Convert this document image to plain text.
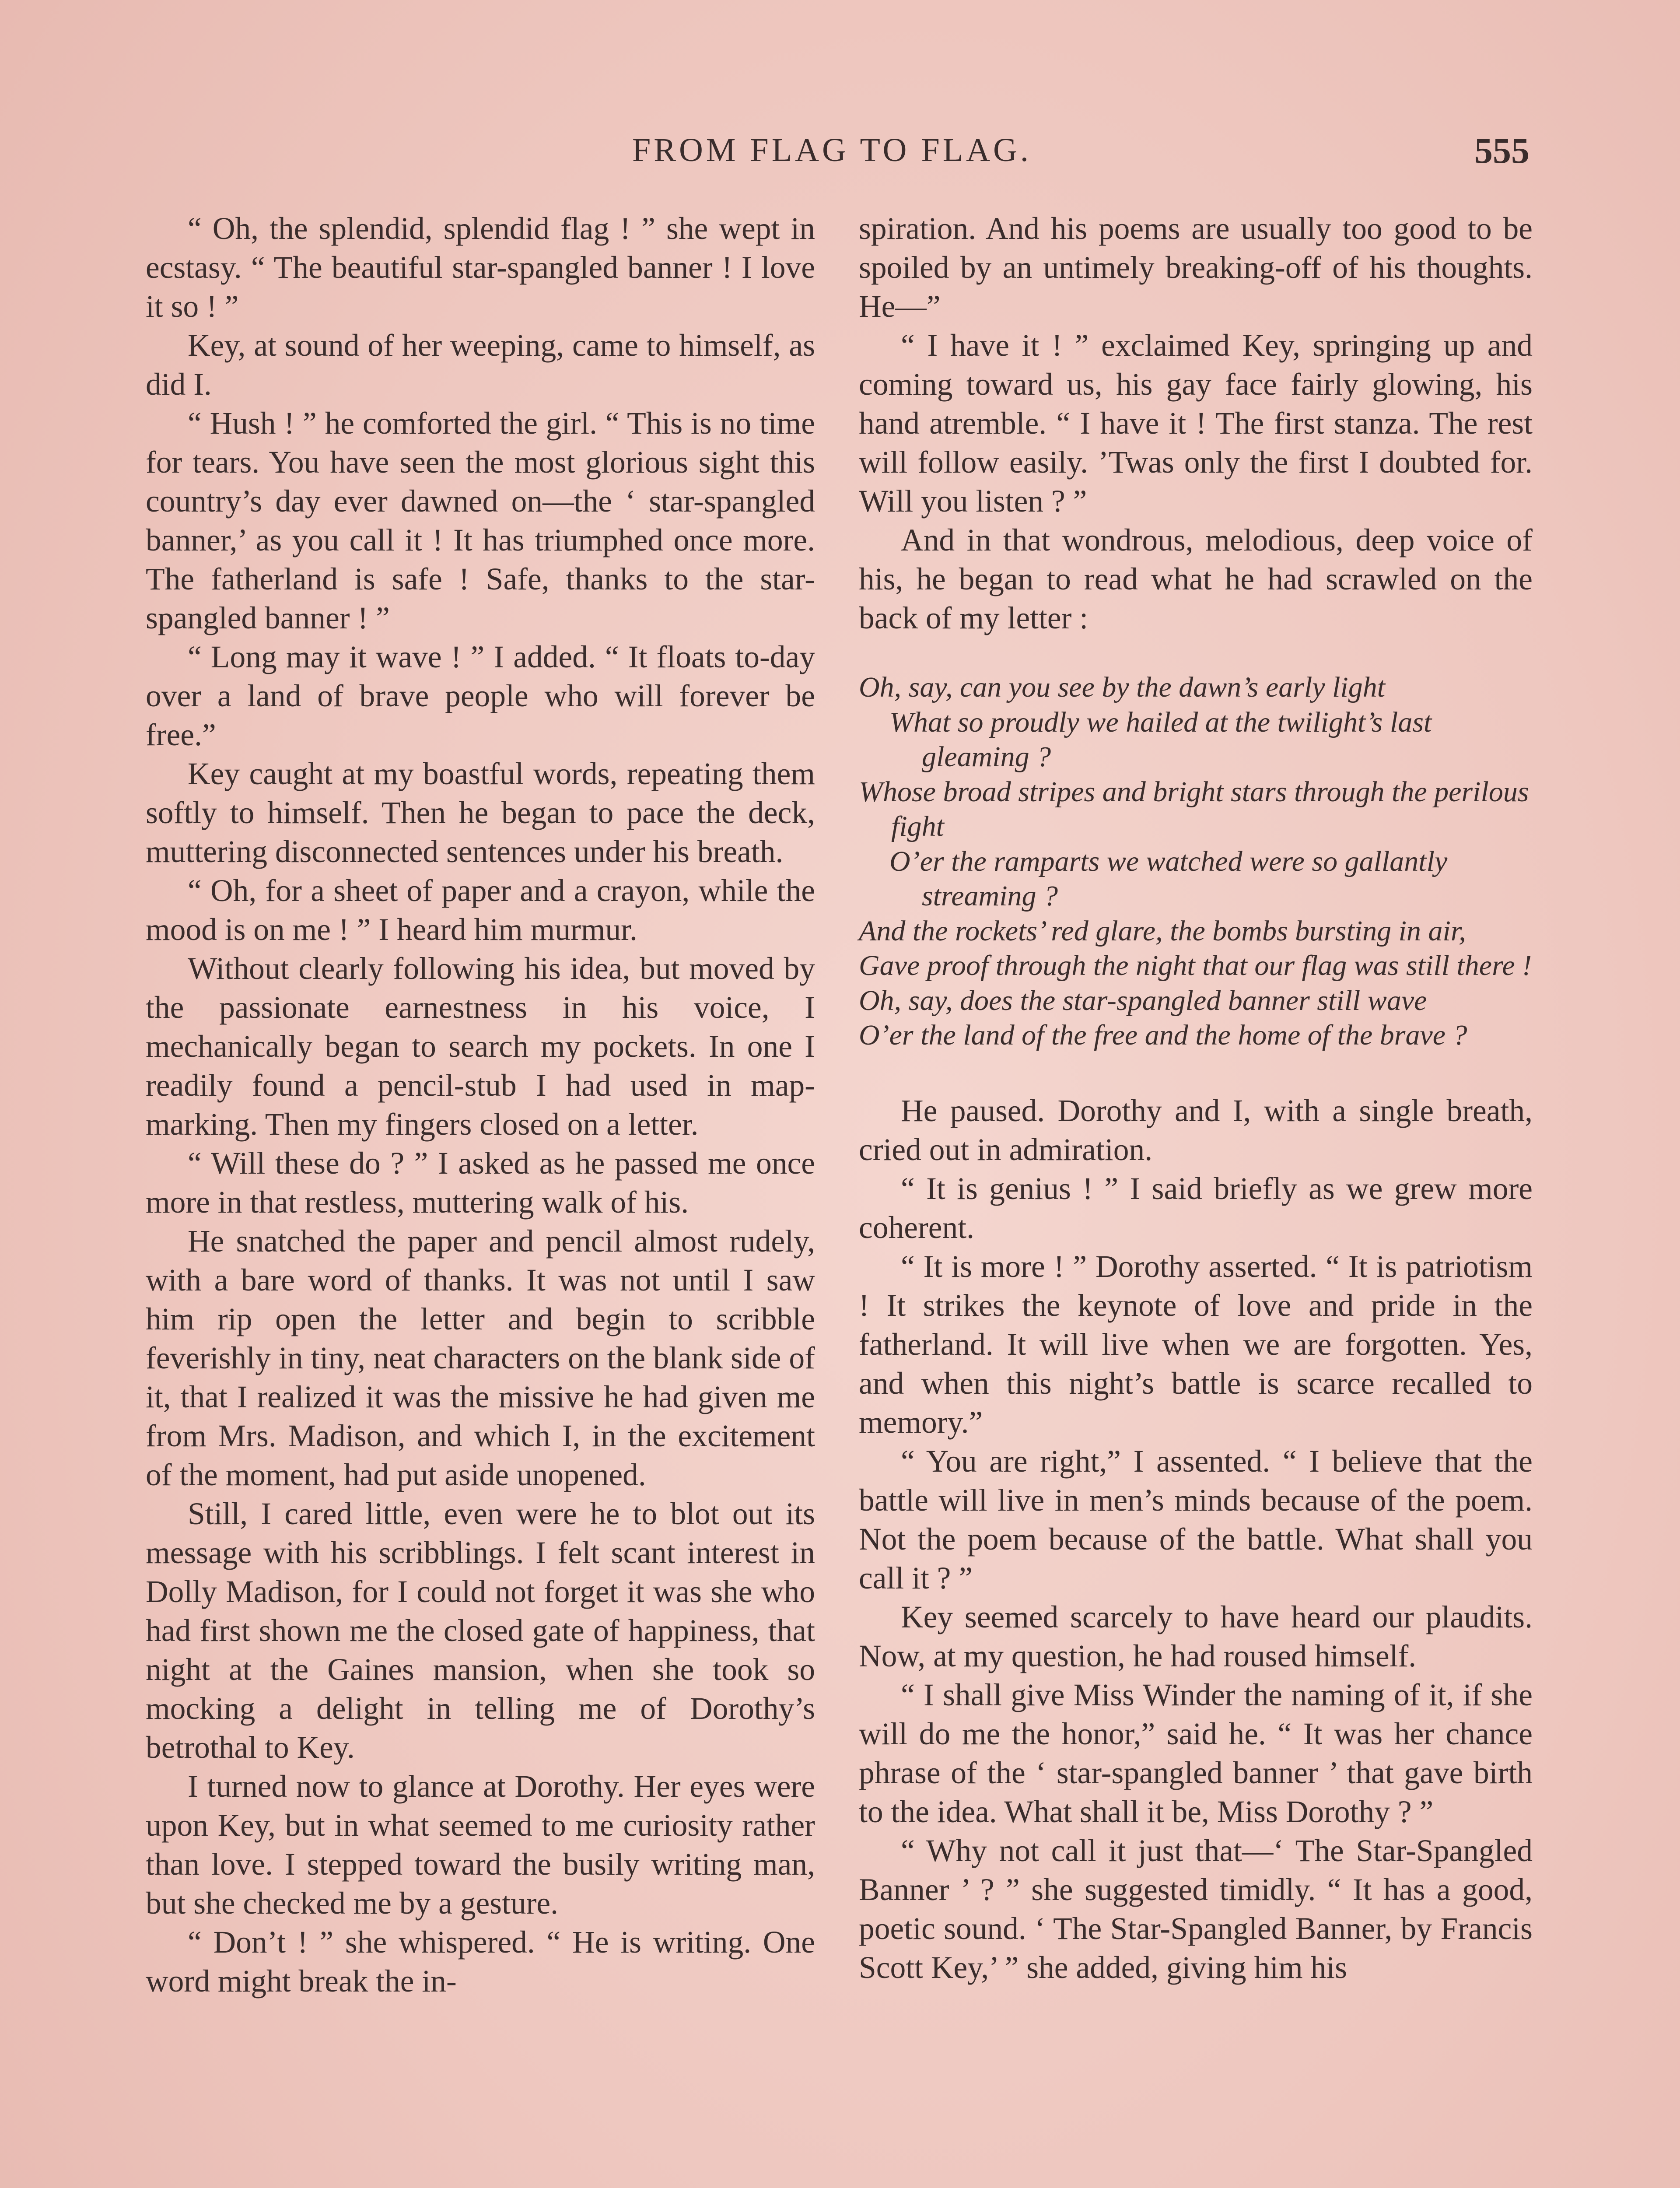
FROM FLAG TO FLAG.	555

“ Oh, the splendid, splendid flag ! ” she wept in ecstasy. “ The beautiful star-spangled banner ! I love it so ! ”

Key, at sound of her weeping, came to himself, as did I.

“ Hush ! ” he comforted the girl. “ This is no time for tears. You have seen the most glorious sight this country’s day ever dawned on—the ‘ star-spangled banner,’ as you call it ! It has triumphed once more. The fatherland is safe ! Safe, thanks to the star-spangled banner ! ”

“ Long may it wave ! ” I added. “ It floats to-day over a land of brave people who will forever be free.”

Key caught at my boastful words, repeating them softly to himself. Then he began to pace the deck, muttering disconnected sentences under his breath.

“ Oh, for a sheet of paper and a crayon, while the mood is on me ! ” I heard him murmur.

Without clearly following his idea, but moved by the passionate earnestness in his voice, I mechanically began to search my pockets. In one I readily found a pencil-stub I had used in map-marking. Then my fingers closed on a letter.

“ Will these do ? ” I asked as he passed me once more in that restless, muttering walk of his.

He snatched the paper and pencil almost rudely, with a bare word of thanks. It was not until I saw him rip open the letter and begin to scribble feverishly in tiny, neat characters on the blank side of it, that I realized it was the missive he had given me from Mrs. Madison, and which I, in the excitement of the moment, had put aside unopened.

Still, I cared little, even were he to blot out its message with his scribblings. I felt scant interest in Dolly Madison, for I could not forget it was she who had first shown me the closed gate of happiness, that night at the Gaines mansion, when she took so mocking a delight in telling me of Dorothy’s betrothal to Key.

I turned now to glance at Dorothy. Her eyes were upon Key, but in what seemed to me curiosity rather than love. I stepped toward the busily writing man, but she checked me by a gesture.

“ Don’t ! ” she whispered. “ He is writing. One word might break the in-

spiration. And his poems are usually too good to be spoiled by an untimely breaking-off of his thoughts. He—”

“ I have it ! ” exclaimed Key, springing up and coming toward us, his gay face fairly glowing, his hand atremble. “ I have it ! The first stanza. The rest will follow easily. ’Twas only the first I doubted for. Will you listen ? ”

And in that wondrous, melodious, deep voice of his, he began to read what he had scrawled on the back of my letter :

Oh, say, can you see by the dawn’s early light
What so proudly we hailed at the twilight’s last gleaming ?
Whose broad stripes and bright stars through the perilous fight
O’er the ramparts we watched were so gallantly streaming ?
And the rockets’ red glare, the bombs bursting in air,
Gave proof through the night that our flag was still there !
Oh, say, does the star-spangled banner still wave
O’er the land of the free and the home of the brave ?

He paused. Dorothy and I, with a single breath, cried out in admiration.

“ It is genius ! ” I said briefly as we grew more coherent.

“ It is more ! ” Dorothy asserted. “ It is patriotism ! It strikes the keynote of love and pride in the fatherland. It will live when we are forgotten. Yes, and when this night’s battle is scarce recalled to memory.”

“ You are right,” I assented. “ I believe that the battle will live in men’s minds because of the poem. Not the poem because of the battle. What shall you call it ? ”

Key seemed scarcely to have heard our plaudits. Now, at my question, he had roused himself.

“ I shall give Miss Winder the naming of it, if she will do me the honor,” said he. “ It was her chance phrase of the ‘ star-spangled banner ’ that gave birth to the idea. What shall it be, Miss Dorothy ? ”

“ Why not call it just that—‘ The Star-Spangled Banner ’ ? ” she suggested timidly. “ It has a good, poetic sound. ‘ The Star-Spangled Banner, by Francis Scott Key,’ ” she added, giving him his
